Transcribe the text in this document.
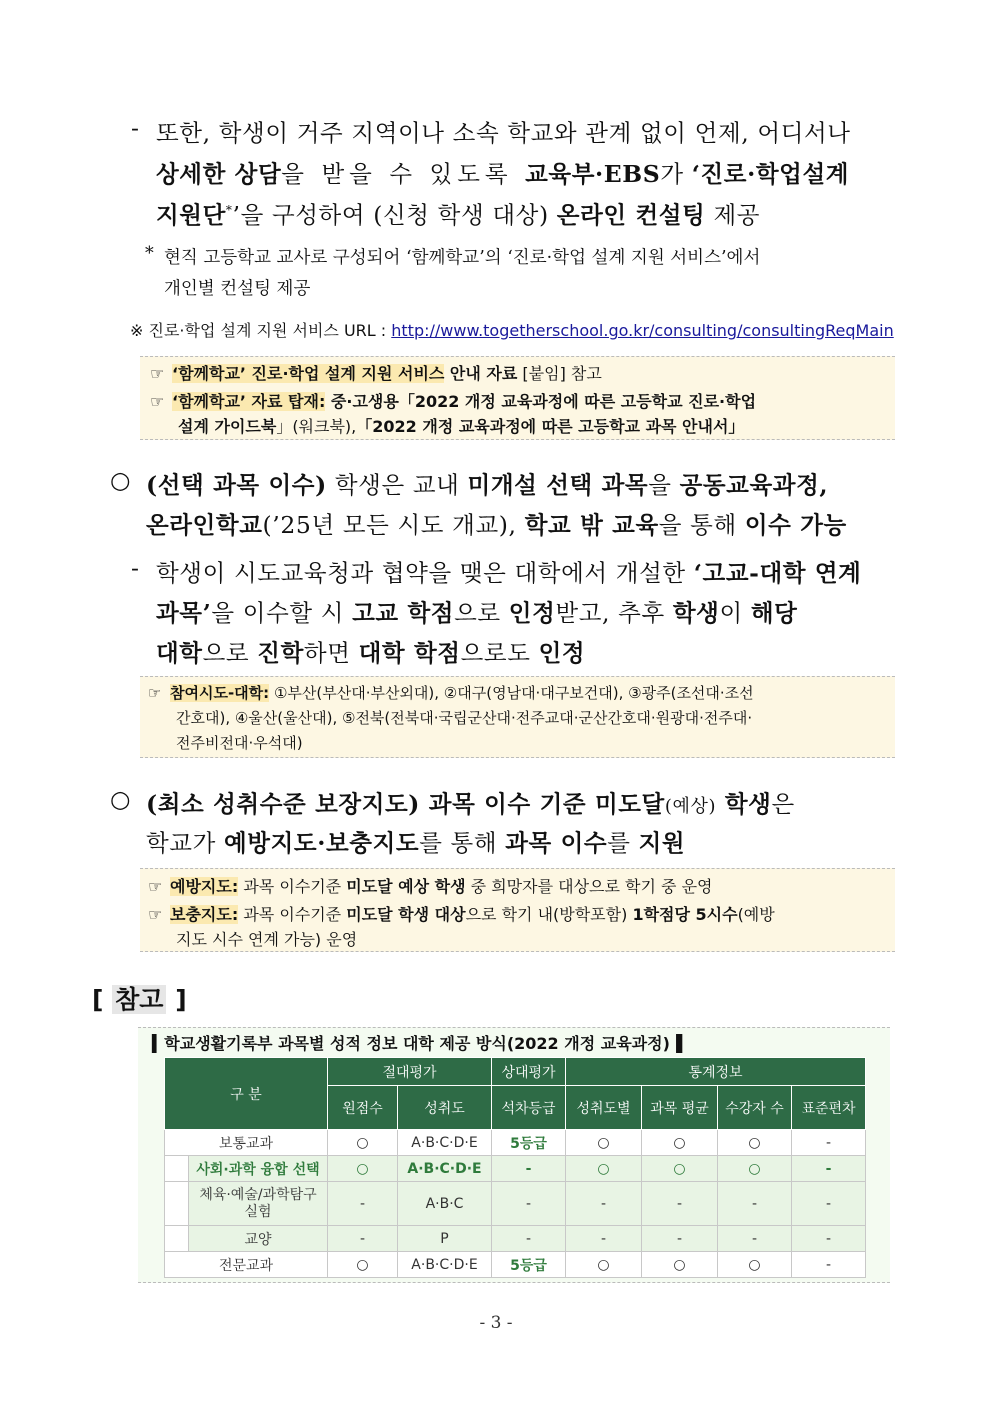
- 또한, 학생이 거주 지역이나 소속 학교와 관계 없이 언제, 어디서나
상세한 상담을 받을 수 있도록 교육부·EBS가 ‘진로·학업설계
지원단*’을 구성하여 (신청 학생 대상) 온라인 컨설팅 제공
* 현직 고등학교 교사로 구성되어 ‘함께학교’의 ‘진로·학업 설계 지원 서비스’에서
개인별 컨설팅 제공
※ 진로·학업 설계 지원 서비스 URL : http://www.togetherschool.go.kr/consulting/consultingReqMain
☞ ‘함께학교’ 진로·학업 설계 지원 서비스 안내 자료 [붙임] 참고
☞ ‘함께학교’ 자료 탑재: 중·고생용「2022 개정 교육과정에 따른 고등학교 진로·학업
설계 가이드북」(워크북),「2022 개정 교육과정에 따른 고등학교 과목 안내서」
○ (선택 과목 이수) 학생은 교내 미개설 선택 과목을 공동교육과정,
온라인학교(’25년 모든 시도 개교), 학교 밖 교육을 통해 이수 가능
- 학생이 시도교육청과 협약을 맺은 대학에서 개설한 ‘고교-대학 연계
과목’을 이수할 시 고교 학점으로 인정받고, 추후 학생이 해당
대학으로 진학하면 대학 학점으로도 인정
☞ 참여시도-대학: ①부산(부산대·부산외대), ②대구(영남대·대구보건대), ③광주(조선대·조선
간호대), ④울산(울산대), ⑤전북(전북대·국립군산대·전주교대·군산간호대·원광대·전주대·
전주비전대·우석대)
○ (최소 성취수준 보장지도) 과목 이수 기준 미도달(예상) 학생은
학교가 예방지도·보충지도를 통해 과목 이수를 지원
☞ 예방지도: 과목 이수기준 미도달 예상 학생 중 희망자를 대상으로 학기 중 운영
☞ 보충지도: 과목 이수기준 미도달 학생 대상으로 학기 내(방학포함) 1학점당 5시수(예방
지도 시수 연계 가능) 운영
[ 참고 ]
▍학교생활기록부 과목별 성적 정보 대학 제공 방식(2022 개정 교육과정)▐
구 분		절대평가		상대평가	통계정보			
		원점수	성취도	석차등급	성취도별	과목 평균	수강자 수	표준편차
보통교과		○	A·B·C·D·E	5등급	○	○	○	-
	사회·과학 융합 선택	○	A·B·C·D·E	-	○	○	○	-
	체육·예술/과학탐구 실험	-	A·B·C	-	-	-	-	-
	교양	-	P	-	-	-	-	-
전문교과		○	A·B·C·D·E	5등급	○	○	○	-
- 3 -
